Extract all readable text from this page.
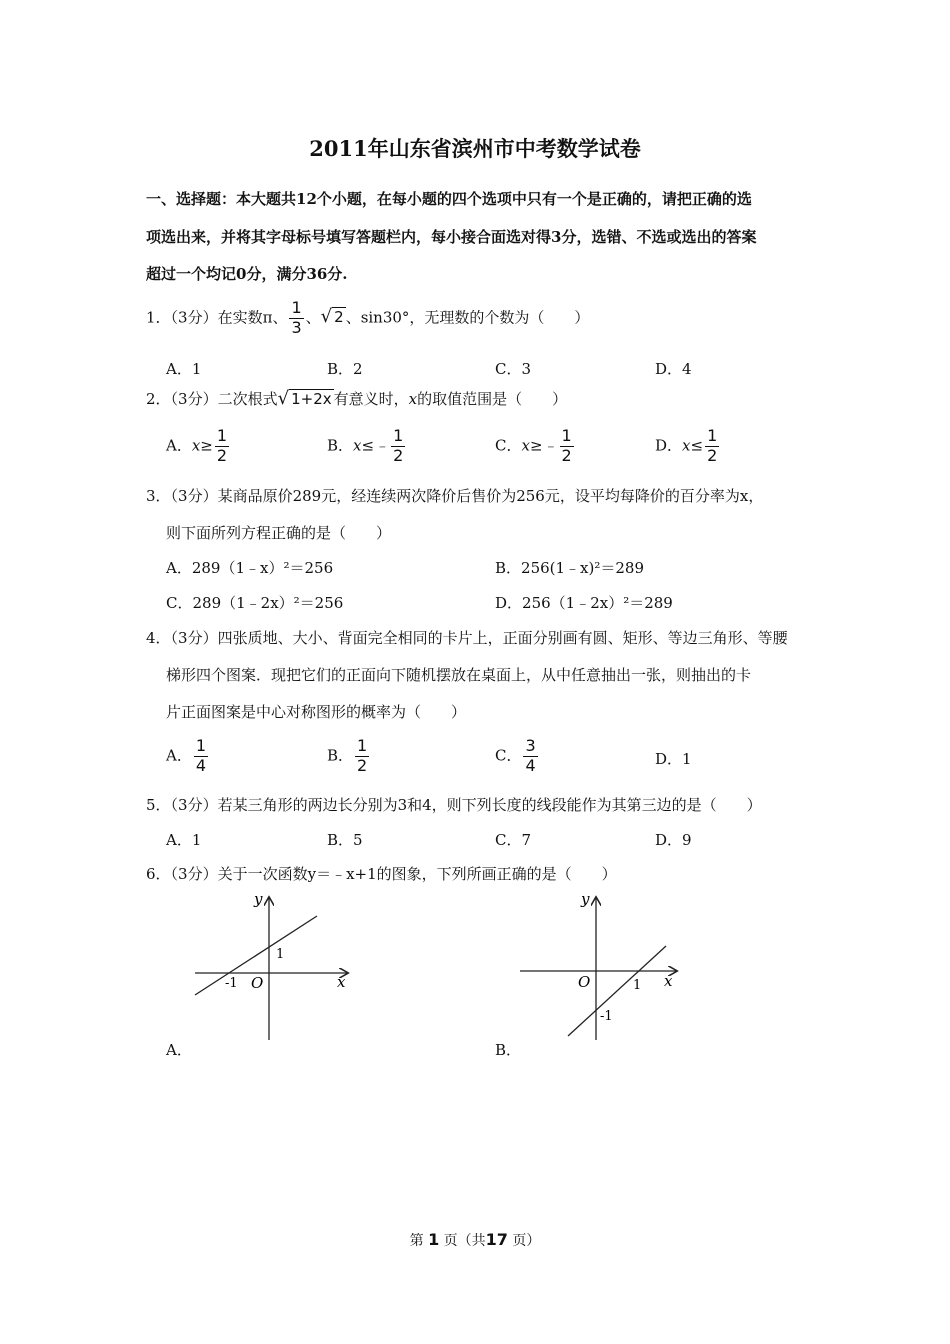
2011年山东省滨州市中考数学试卷
一、选择题：本大题共12个小题，在每小题的四个选项中只有一个是正确的，请把正确的选
项选出来，并将其字母标号填写答题栏内，每小接合面选对得3分，选错、不选或选出的答案
超过一个均记0分，满分36分.
1．（3分）在实数π、 $\frac{1}{3}$ 、√ 2 、sin30°，无理数的个数为（　　）
A．1	B．2	C．3	D．4
2．（3分）二次根式√ 1+2x 有意义时，x的取值范围是（　　）
A．$x\ge \frac{1}{2}$	B．x≤﹣ $\frac{1}{2}$	C．x≥﹣ $\frac{1}{2}$	D．$x\le \frac{1}{2}$
3．（3分）某商品原价289元，经连续两次降价后售价为256元，设平均每降价的百分率为x，
则下面所列方程正确的是（　　）
A．289（1﹣x）²＝256	B．256(1﹣x)²＝289
C．289（1﹣2x）²＝256	D．256（1﹣2x）²＝289
4．（3分）四张质地、大小、背面完全相同的卡片上，正面分别画有圆、矩形、等边三角形、等腰
梯形四个图案．现把它们的正面向下随机摆放在桌面上，从中任意抽出一张，则抽出的卡
片正面图案是中心对称图形的概率为（　　）
A． $\frac{1}{4}$	B． $\frac{1}{2}$	C． $\frac{3}{4}$	D．1
5．（3分）若某三角形的两边长分别为3和4，则下列长度的线段能作为其第三边的是（　　）
A．1	B．5	C．7	D．9
6．（3分）关于一次函数y＝﹣x+1的图象，下列所画正确的是（　　）
y
x
O
1
-1
A．
y
x
O	1
-1
B．
第 1 页（共17 页）
